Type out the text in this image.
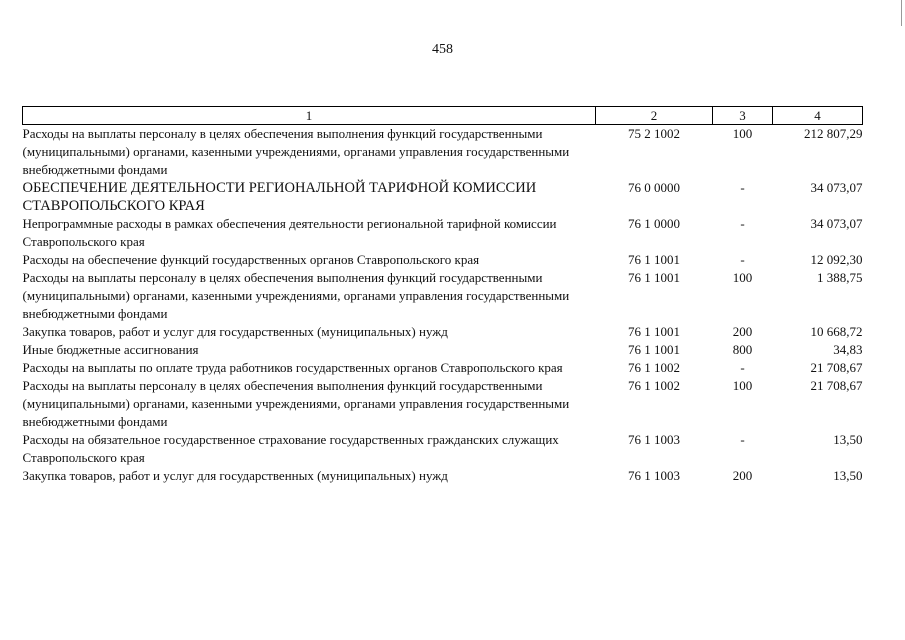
458
1	2	3	4
Расходы на выплаты персоналу в целях обеспечения выполнения функций государственными (муниципальными) органами, казенными учреждениями, органами управления государственными внебюджетными фондами	75 2 1002	100	212 807,29
ОБЕСПЕЧЕНИЕ ДЕЯТЕЛЬНОСТИ РЕГИОНАЛЬНОЙ ТАРИФНОЙ КОМИССИИ СТАВРОПОЛЬСКОГО КРАЯ	76 0 0000	-	34 073,07
Непрограммные расходы в рамках обеспечения деятельности региональной тарифной комиссии Ставропольского края	76 1 0000	-	34 073,07
Расходы на обеспечение функций государственных органов Ставропольского края	76 1 1001	-	12 092,30
Расходы на выплаты персоналу в целях обеспечения выполнения функций государственными (муниципальными) органами, казенными учреждениями, органами управления государственными внебюджетными фондами	76 1 1001	100	1 388,75
Закупка товаров, работ и услуг для государственных (муниципальных) нужд	76 1 1001	200	10 668,72
Иные бюджетные ассигнования	76 1 1001	800	34,83
Расходы на выплаты по оплате труда работников государственных органов Ставропольского края	76 1 1002	-	21 708,67
Расходы на выплаты персоналу в целях обеспечения выполнения функций государственными (муниципальными) органами, казенными учреждениями, органами управления государственными внебюджетными фондами	76 1 1002	100	21 708,67
Расходы на обязательное государственное страхование государственных гражданских служащих Ставропольского края	76 1 1003	-	13,50
Закупка товаров, работ и услуг для государственных (муниципальных) нужд	76 1 1003	200	13,50
